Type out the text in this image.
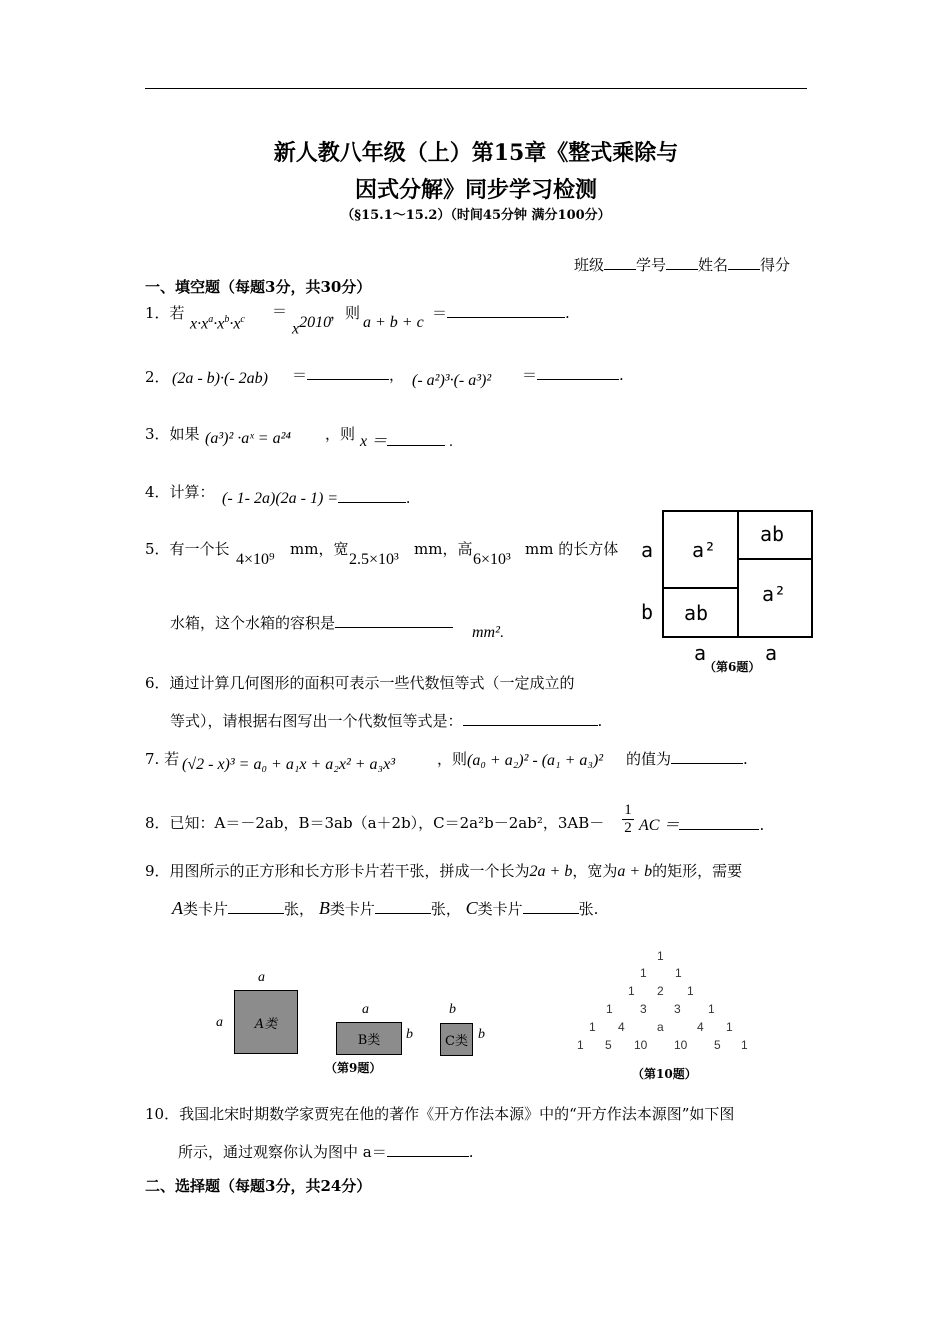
新人教八年级（上）第15章《整式乘除与
因式分解》同步学习检测
（§15.1～15.2）（时间45分钟 满分100分）
班级 学号 姓名 得分
一、填空题（每题3分，共30分）
1．若
$x\cdot x^a\cdot x^b\cdot x^c$ ＝
$x^{2010}$
，则
a + b + c
＝	.
2． (2a - b)·(- 2ab) ＝	， (- a²)³·(- a³)² ＝	.
3．如果 (a³)² ·aˣ = a²⁴ ，则 x ＝	.
4．计算： (- 1- 2a)(2a - 1) =	.
5．有一个长
4×10⁹
mm，宽
2.5×10³
mm，高
6×10³
mm 的长方体
水箱，这个水箱的容积是
mm².
a²
ab
ab
a²
a
b
a	a
（第6题）
6．通过计算几何图形的面积可表示一些代数恒等式（一定成立的
等式），请根据右图写出一个代数恒等式是：	.
7. 若 (√2 - x)³ = a₀ + a₁x + a₂x² + a₃x³	，则 (a₀ + a₂)² - (a₁ + a₃)² 的值为	.
8．已知：A＝－2ab，B＝3ab（a＋2b），C＝2a²b－2ab²，3AB－
1
2 AC ＝	.
9．用图所示的正方形和长方形卡片若干张，拼成一个长为2a + b，宽为a + b的矩形，需要
A类卡片	张， B类卡片	张， C类卡片	张.
a
a A类
a
B类 b
b
C类 b
（第9题）
1
1 1
1 2 1
1 3 3 1
1 4	a	4 1
1 5 10 10 5 1
（第10题）
10．我国北宋时期数学家贾宪在他的著作《开方作法本源》中的“开方作法本源图”如下图
所示，通过观察你认为图中 a＝	.
二、选择题（每题3分，共24分）
